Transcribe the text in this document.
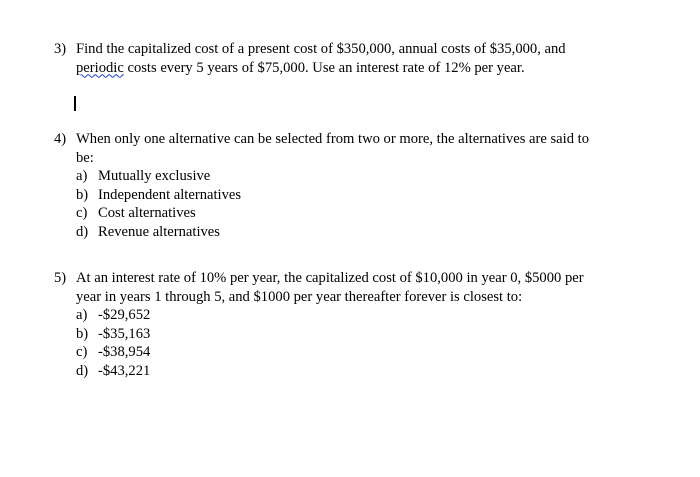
3) Find the capitalized cost of a present cost of $350,000, annual costs of $35,000, and
periodic costs every 5 years of $75,000. Use an interest rate of 12% per year.
4) When only one alternative can be selected from two or more, the alternatives are said to
be:
a) Mutually exclusive
b) Independent alternatives
c) Cost alternatives
d) Revenue alternatives
5) At an interest rate of 10% per year, the capitalized cost of $10,000 in year 0, $5000 per
year in years 1 through 5, and $1000 per year thereafter forever is closest to:
a) -$29,652
b) -$35,163
c) -$38,954
d) -$43,221
